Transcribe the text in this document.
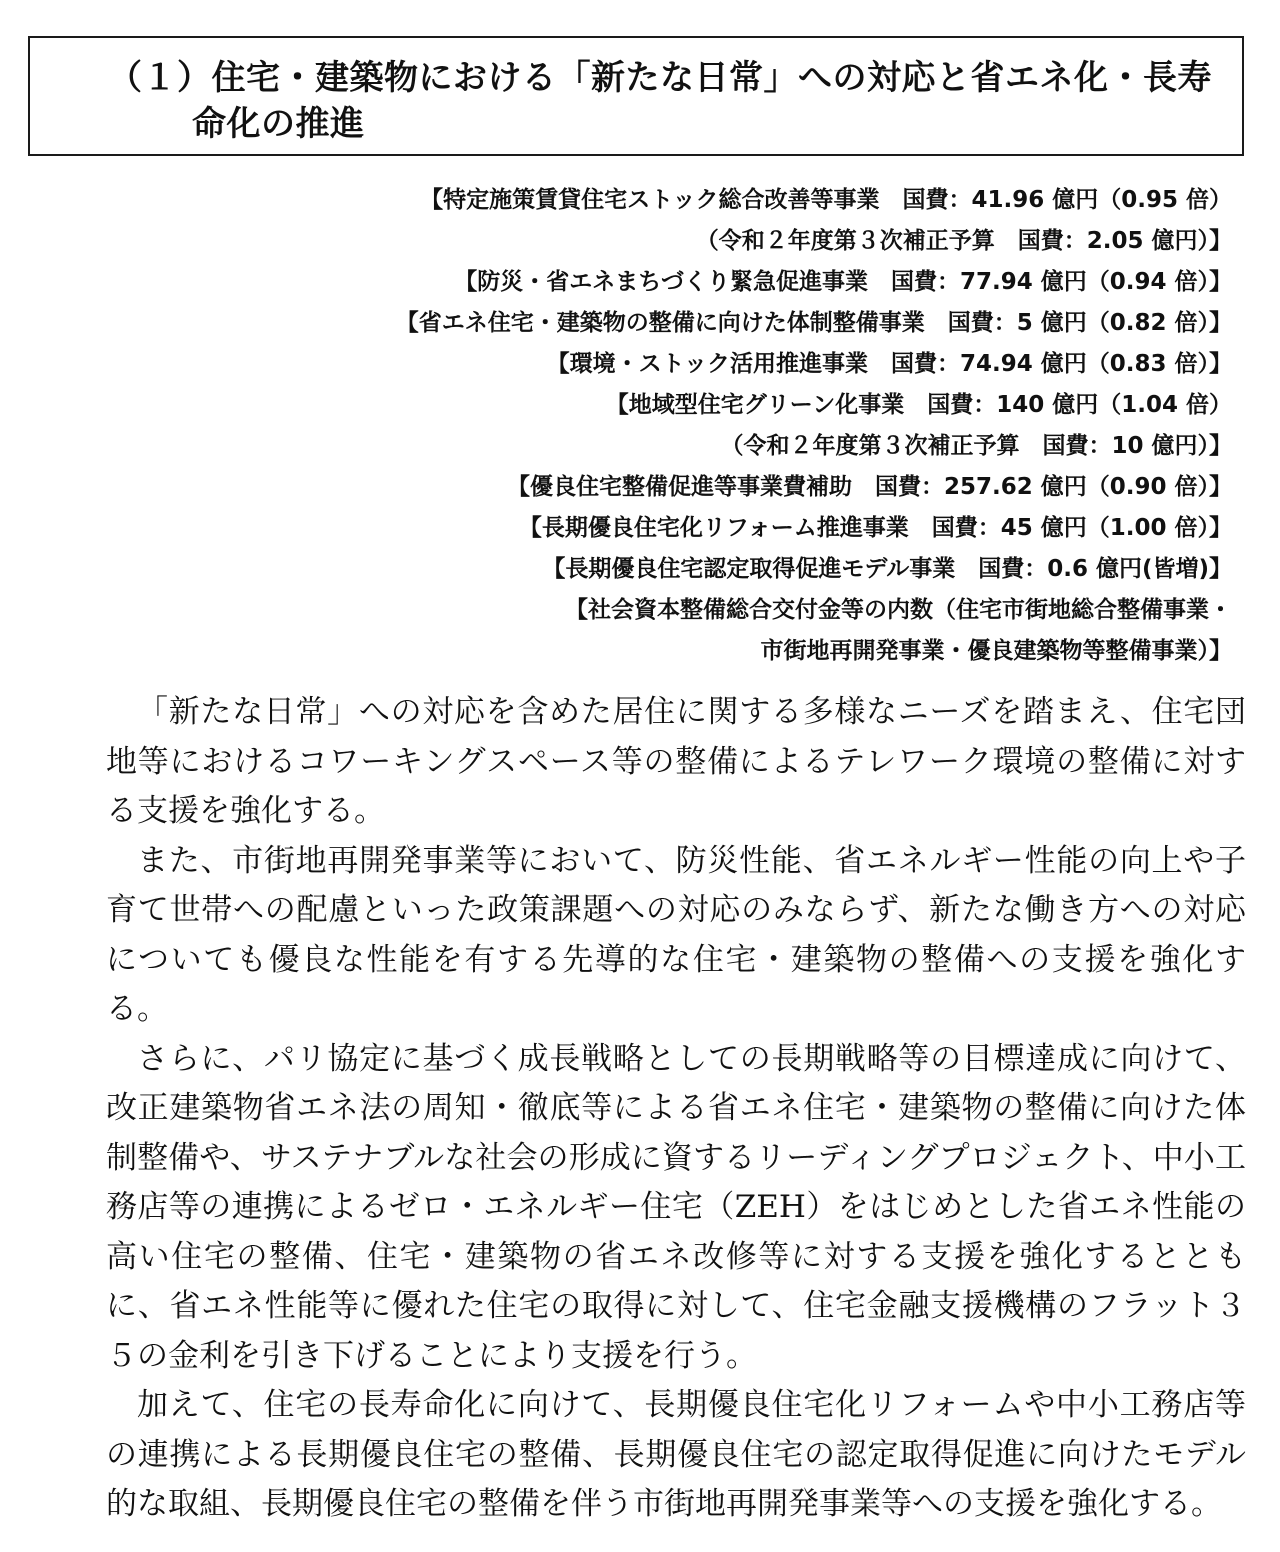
（１）住宅・建築物における「新たな日常」への対応と省エネ化・長寿
命化の推進
【特定施策賃貸住宅ストック総合改善等事業　国費：41.96 億円（0.95 倍）
（令和２年度第３次補正予算　国費：2.05 億円）】
【防災・省エネまちづくり緊急促進事業　国費：77.94 億円（0.94 倍）】
【省エネ住宅・建築物の整備に向けた体制整備事業　国費：5 億円（0.82 倍）】
【環境・ストック活用推進事業　国費：74.94 億円（0.83 倍）】
【地域型住宅グリーン化事業　国費：140 億円（1.04 倍）
（令和２年度第３次補正予算　国費：10 億円）】
【優良住宅整備促進等事業費補助　国費：257.62 億円（0.90 倍）】
【長期優良住宅化リフォーム推進事業　国費：45 億円（1.00 倍）】
【長期優良住宅認定取得促進モデル事業　国費：0.6 億円(皆増)】
【社会資本整備総合交付金等の内数（住宅市街地総合整備事業・
市街地再開発事業・優良建築物等整備事業）】

「新たな日常」への対応を含めた居住に関する多様なニーズを踏まえ、住宅団地等におけるコワーキングスペース等の整備によるテレワーク環境の整備に対する支援を強化する。

また、市街地再開発事業等において、防災性能、省エネルギー性能の向上や子育て世帯への配慮といった政策課題への対応のみならず、新たな働き方への対応についても優良な性能を有する先導的な住宅・建築物の整備への支援を強化する。

さらに、パリ協定に基づく成長戦略としての長期戦略等の目標達成に向けて、改正建築物省エネ法の周知・徹底等による省エネ住宅・建築物の整備に向けた体制整備や、サステナブルな社会の形成に資するリーディングプロジェクト、中小工務店等の連携によるゼロ・エネルギー住宅（ZEH）をはじめとした省エネ性能の高い住宅の整備、住宅・建築物の省エネ改修等に対する支援を強化するとともに、省エネ性能等に優れた住宅の取得に対して、住宅金融支援機構のフラット３５の金利を引き下げることにより支援を行う。

加えて、住宅の長寿命化に向けて、長期優良住宅化リフォームや中小工務店等の連携による長期優良住宅の整備、長期優良住宅の認定取得促進に向けたモデル的な取組、長期優良住宅の整備を伴う市街地再開発事業等への支援を強化する。
